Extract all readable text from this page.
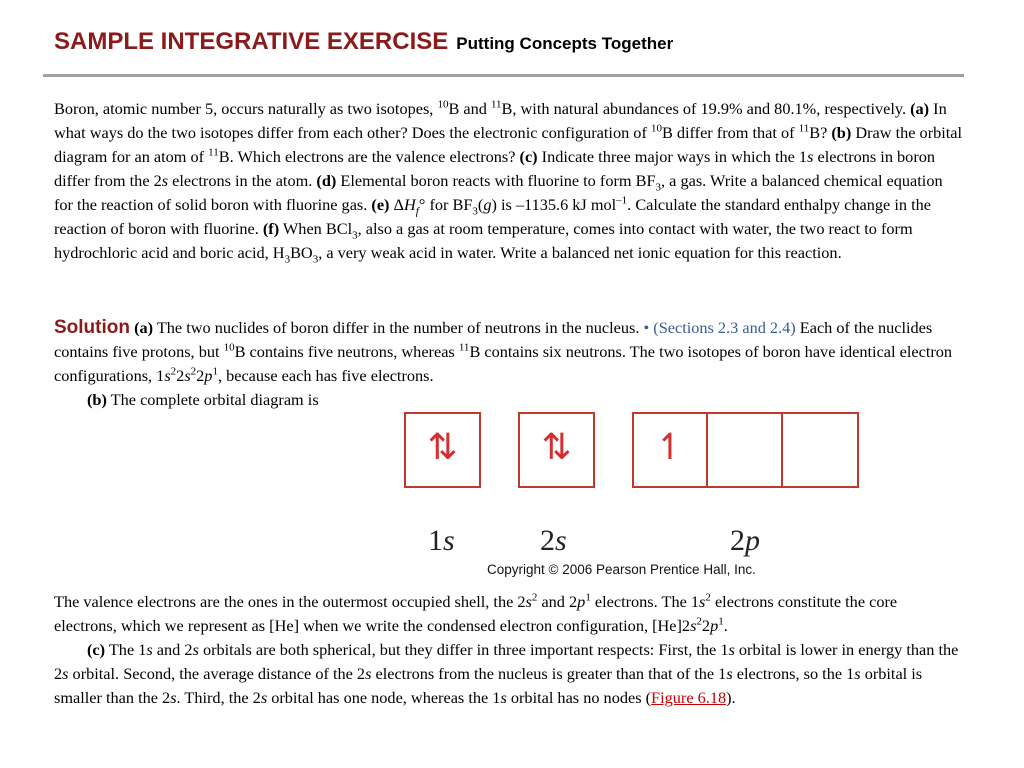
SAMPLE INTEGRATIVE EXERCISE Putting Concepts Together

Boron, atomic number 5, occurs naturally as two isotopes, $^{10}$B and $^{11}$B, with natural abundances of 19.9% and 80.1%, respectively. (a) In what ways do the two isotopes differ from each other? Does the electronic configuration of $^{10}$B differ from that of $^{11}$B? (b) Draw the orbital diagram for an atom of $^{11}$B. Which electrons are the valence electrons? (c) Indicate three major ways in which the 1s electrons in boron differ from the 2s electrons in the atom. (d) Elemental boron reacts with fluorine to form $BF_3$, a gas. Write a balanced chemical equation for the reaction of solid boron with fluorine gas. (e) $\Delta H_f^\circ$ for $BF_3(g)$ is –1135.6 kJ mol$^{-1}$. Calculate the standard enthalpy change in the reaction of boron with fluorine. (f) When BCl$_3$, also a gas at room temperature, comes into contact with water, the two react to form hydrochloric acid and boric acid, $H_3BO_3$, a very weak acid in water. Write a balanced net ionic equation for this reaction.

Solution (a) The two nuclides of boron differ in the number of neutrons in the nucleus. • (Sections 2.3 and 2.4) Each of the nuclides contains five protons, but $^{10}$B contains five neutrons, whereas $^{11}$B contains six neutrons. The two isotopes of boron have identical electron configurations, $1s^22s^22p^1$, because each has five electrons.

(b) The complete orbital diagram is

⇅	⇅	↿
1s	2s	2p
Copyright © 2006 Pearson Prentice Hall, Inc.

The valence electrons are the ones in the outermost occupied shell, the $2s^2$ and $2p^1$ electrons. The $1s^2$ electrons constitute the core electrons, which we represent as [He] when we write the condensed electron configuration, $[He]2s^22p^1$.

(c) The 1s and 2s orbitals are both spherical, but they differ in three important respects: First, the 1s orbital is lower in energy than the 2s orbital. Second, the average distance of the 2s electrons from the nucleus is greater than that of the 1s electrons, so the 1s orbital is smaller than the 2s. Third, the 2s orbital has one node, whereas the 1s orbital has no nodes (Figure 6.18).
